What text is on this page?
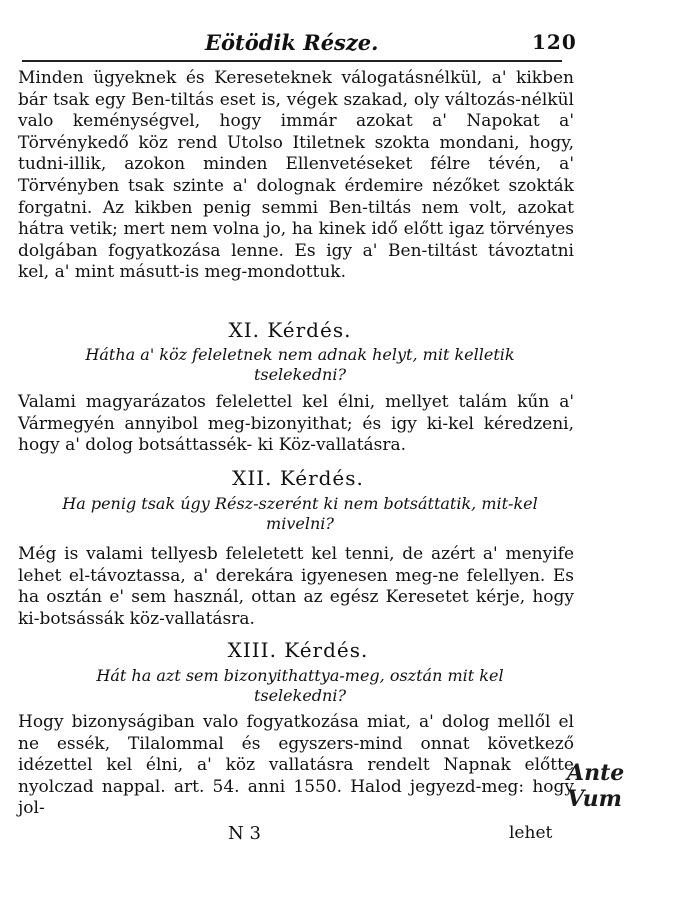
Eötödik Része.	120

Minden ügyeknek és Kereseteknek válogatásnélkül, a' kikben bár tsak egy Ben-tiltás eset is, végek szakad, oly változás-nélkül valo keménységvel, hogy immár azokat a' Napokat a' Törvénykedő köz rend Utolso Itiletnek szokta mondani, hogy, tudni-illik, azokon minden Ellenvetéseket félre tévén, a' Törvényben tsak szinte a' dolognak érdemire nézőket szokták forgatni. Az kikben penig semmi Ben-tiltás nem volt, azokat hátra vetik; mert nem volna jo, ha kinek idő előtt igaz törvényes dolgában fogyatkozása lenne. Es igy a' Ben-tiltást távoztatni kel, a' mint másutt-is meg-mondottuk.

XI. Kérdés.

Hátha a' köz feleletnek nem adnak helyt, mit kelletik tselekedni?

Valami magyarázatos felelettel kel élni, mellyet talám kűn a' Vármegyén annyibol meg-bizonyithat; és igy ki-kel kéredzeni, hogy a' dolog botsáttassék- ki Köz-vallatásra.

XII. Kérdés.

Ha penig tsak úgy Rész-szerént ki nem botsáttatik, mit-kel mivelni?

Még is valami tellyesb feleletett kel tenni, de azért a' menyife lehet el-távoztassa, a' derekára igyenesen meg-ne felellyen. Es ha osztán e' sem használ, ottan az egész Keresetet kérje, hogy ki-botsássák köz-vallatásra.

XIII. Kérdés.

Hát ha azt sem bizonyithattya-meg, osztán mit kel tselekedni?

Hogy bizonyságiban valo fogyatkozása miat, a' dolog mellől el ne essék, Tilalommal és egyszers-mind onnat következő idézettel kel élni, a' köz vallatásra rendelt Napnak előtte nyolczad nappal. art. 54. anni 1550. Halod jegyezd-meg: hogy jol-

N 3	lehet
Ante Vum
